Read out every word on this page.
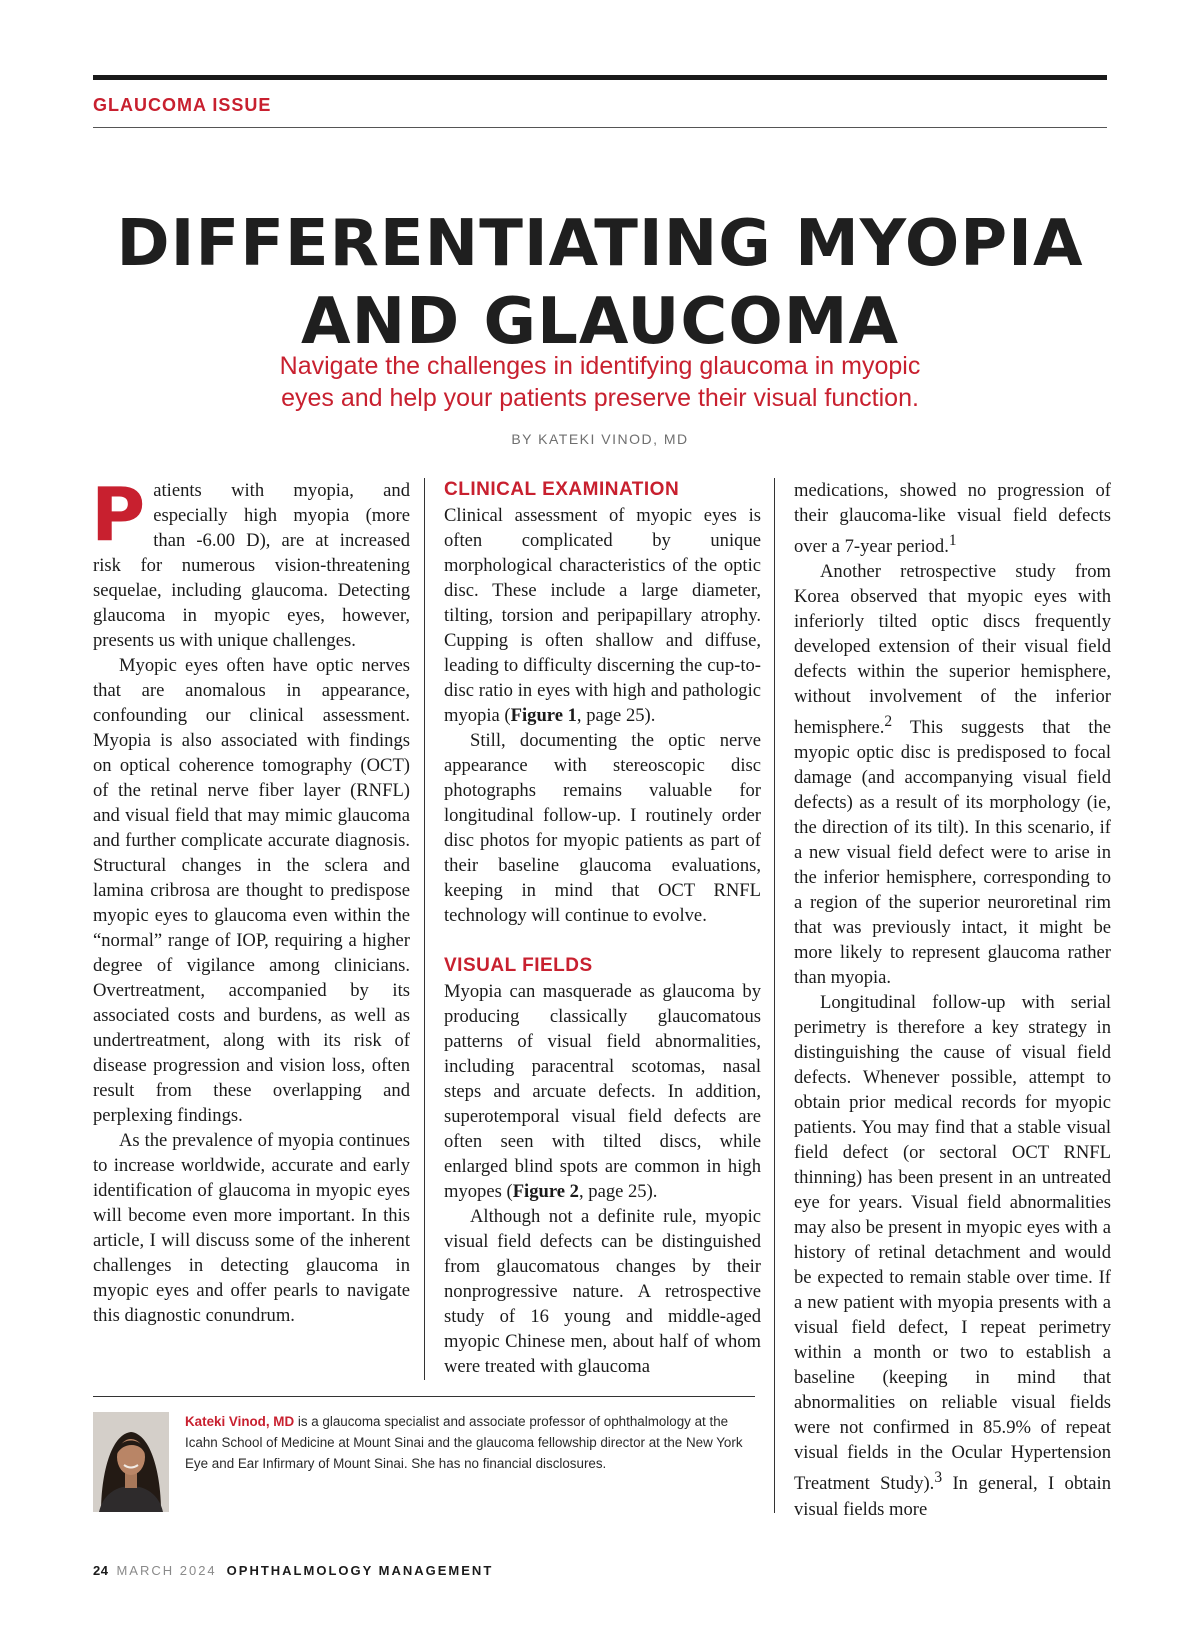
GLAUCOMA ISSUE

DIFFERENTIATING MYOPIA
AND GLAUCOMA

Navigate the challenges in identifying glaucoma in myopic
eyes and help your patients preserve their visual function.

BY KATEKI VINOD, MD

Patients with myopia, and especially high myopia (more than -6.00 D), are at increased risk for numerous vision-threatening sequelae, including glaucoma. Detecting glaucoma in myopic eyes, however, presents us with unique challenges.

Myopic eyes often have optic nerves that are anomalous in appearance, confounding our clinical assessment. Myopia is also associated with findings on optical coherence tomography (OCT) of the retinal nerve fiber layer (RNFL) and visual field that may mimic glaucoma and further complicate accurate diagnosis. Structural changes in the sclera and lamina cribrosa are thought to predispose myopic eyes to glaucoma even within the “normal” range of IOP, requiring a higher degree of vigilance among clinicians. Overtreatment, accompanied by its associated costs and burdens, as well as undertreatment, along with its risk of disease progression and vision loss, often result from these overlapping and perplexing findings.

As the prevalence of myopia continues to increase worldwide, accurate and early identification of glaucoma in myopic eyes will become even more important. In this article, I will discuss some of the inherent challenges in detecting glaucoma in myopic eyes and offer pearls to navigate this diagnostic conundrum.

CLINICAL EXAMINATION

Clinical assessment of myopic eyes is often complicated by unique morphological characteristics of the optic disc. These include a large diameter, tilting, torsion and peripapillary atrophy. Cupping is often shallow and diffuse, leading to difficulty discerning the cup-to-disc ratio in eyes with high and pathologic myopia (Figure 1, page 25).

Still, documenting the optic nerve appearance with stereoscopic disc photographs remains valuable for longitudinal follow-up. I routinely order disc photos for myopic patients as part of their baseline glaucoma evaluations, keeping in mind that OCT RNFL technology will continue to evolve.

VISUAL FIELDS

Myopia can masquerade as glaucoma by producing classically glaucomatous patterns of visual field abnormalities, including paracentral scotomas, nasal steps and arcuate defects. In addition, superotemporal visual field defects are often seen with tilted discs, while enlarged blind spots are common in high myopes (Figure 2, page 25).

Although not a definite rule, myopic visual field defects can be distinguished from glaucomatous changes by their nonprogressive nature. A retrospective study of 16 young and middle-aged myopic Chinese men, about half of whom were treated with glaucoma

medications, showed no progression of their glaucoma-like visual field defects over a 7-year period.$^1$

Another retrospective study from Korea observed that myopic eyes with inferiorly tilted optic discs frequently developed extension of their visual field defects within the superior hemisphere, without involvement of the inferior hemisphere.$^2$ This suggests that the myopic optic disc is predisposed to focal damage (and accompanying visual field defects) as a result of its morphology (ie, the direction of its tilt). In this scenario, if a new visual field defect were to arise in the inferior hemisphere, corresponding to a region of the superior neuroretinal rim that was previously intact, it might be more likely to represent glaucoma rather than myopia.

Longitudinal follow-up with serial perimetry is therefore a key strategy in distinguishing the cause of visual field defects. Whenever possible, attempt to obtain prior medical records for myopic patients. You may find that a stable visual field defect (or sectoral OCT RNFL thinning) has been present in an untreated eye for years. Visual field abnormalities may also be present in myopic eyes with a history of retinal detachment and would be expected to remain stable over time. If a new patient with myopia presents with a visual field defect, I repeat perimetry within a month or two to establish a baseline (keeping in mind that abnormalities on reliable visual fields were not confirmed in 85.9% of repeat visual fields in the Ocular Hypertension Treatment Study).$^3$ In general, I obtain visual fields more

Kateki Vinod, MD is a glaucoma specialist and associate professor of ophthalmology at the Icahn School of Medicine at Mount Sinai and the glaucoma fellowship director at the New York Eye and Ear Infirmary of Mount Sinai. She has no financial disclosures.

24 MARCH 2024 OPHTHALMOLOGY MANAGEMENT
